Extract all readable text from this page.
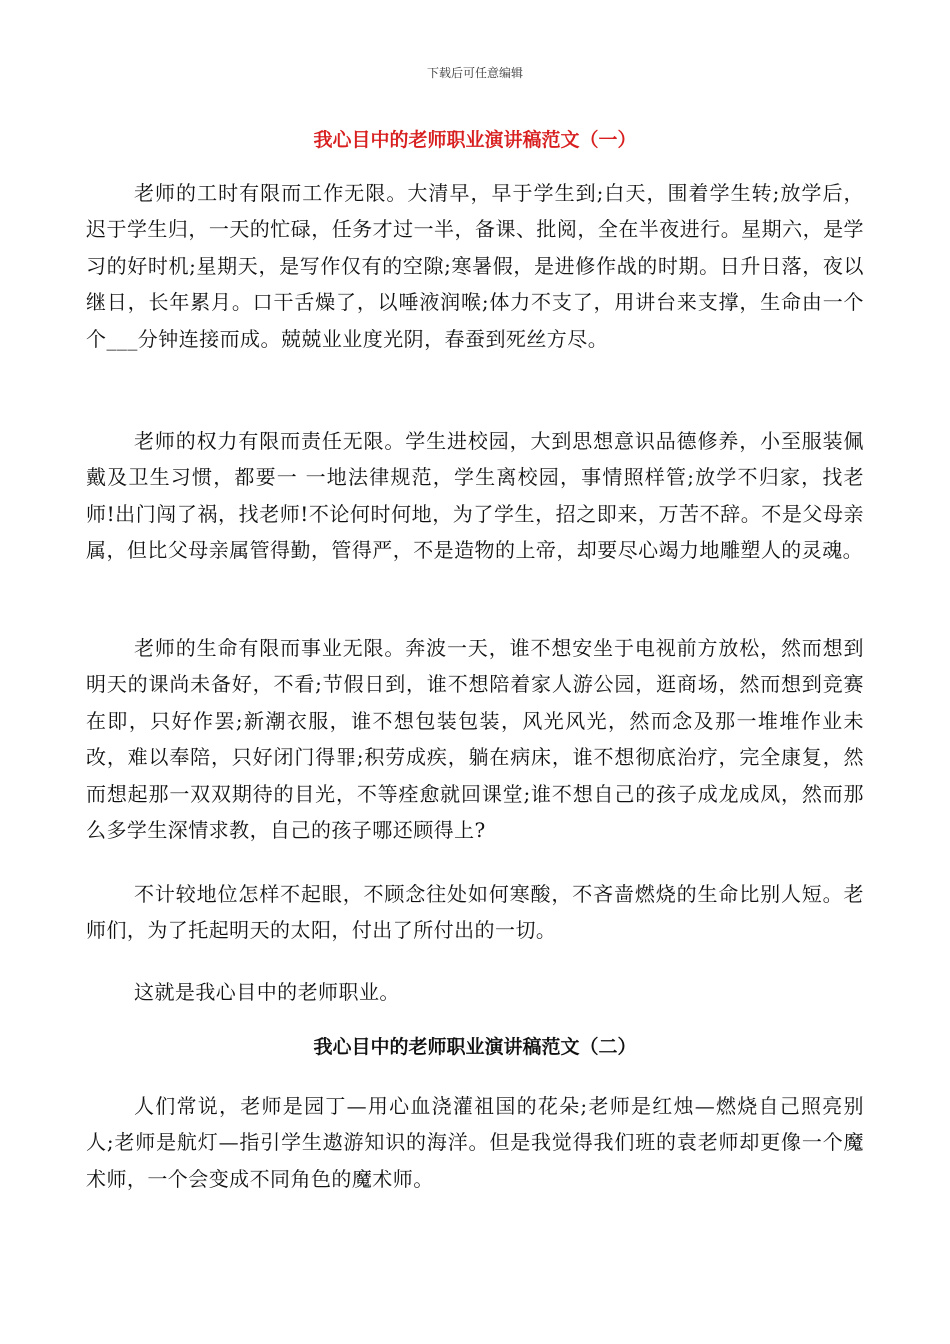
下载后可任意编辑
我心目中的老师职业演讲稿范文（一）

老师的工时有限而工作无限。大清早，早于学生到;白天，围着学生转;放学后，迟于学生归，一天的忙碌，任务才过一半，备课、批阅，全在半夜进行。星期六，是学习的好时机;星期天，是写作仅有的空隙;寒暑假，是进修作战的时期。日升日落，夜以继日，长年累月。口干舌燥了，以唾液润喉;体力不支了，用讲台来支撑，生命由一个个___分钟连接而成。兢兢业业度光阴，春蚕到死丝方尽。

老师的权力有限而责任无限。学生进校园，大到思想意识品德修养，小至服装佩戴及卫生习惯，都要一 一地法律规范，学生离校园，事情照样管;放学不归家，找老师!出门闯了祸，找老师!不论何时何地，为了学生，招之即来，万苦不辞。不是父母亲属，但比父母亲属管得勤，管得严，不是造物的上帝，却要尽心竭力地雕塑人的灵魂。

老师的生命有限而事业无限。奔波一天，谁不想安坐于电视前方放松，然而想到明天的课尚未备好，不看;节假日到，谁不想陪着家人游公园，逛商场，然而想到竞赛在即，只好作罢;新潮衣服，谁不想包装包装，风光风光，然而念及那一堆堆作业未改，难以奉陪，只好闭门得罪;积劳成疾，躺在病床，谁不想彻底治疗，完全康复，然而想起那一双双期待的目光，不等痊愈就回课堂;谁不想自己的孩子成龙成凤，然而那么多学生深情求教，自己的孩子哪还顾得上?

不计较地位怎样不起眼，不顾念往处如何寒酸，不吝啬燃烧的生命比别人短。老师们，为了托起明天的太阳，付出了所付出的一切。

这就是我心目中的老师职业。

我心目中的老师职业演讲稿范文（二）

人们常说，老师是园丁—用心血浇灌祖国的花朵;老师是红烛—燃烧自己照亮别人;老师是航灯—指引学生遨游知识的海洋。但是我觉得我们班的袁老师却更像一个魔术师，一个会变成不同角色的魔术师。
